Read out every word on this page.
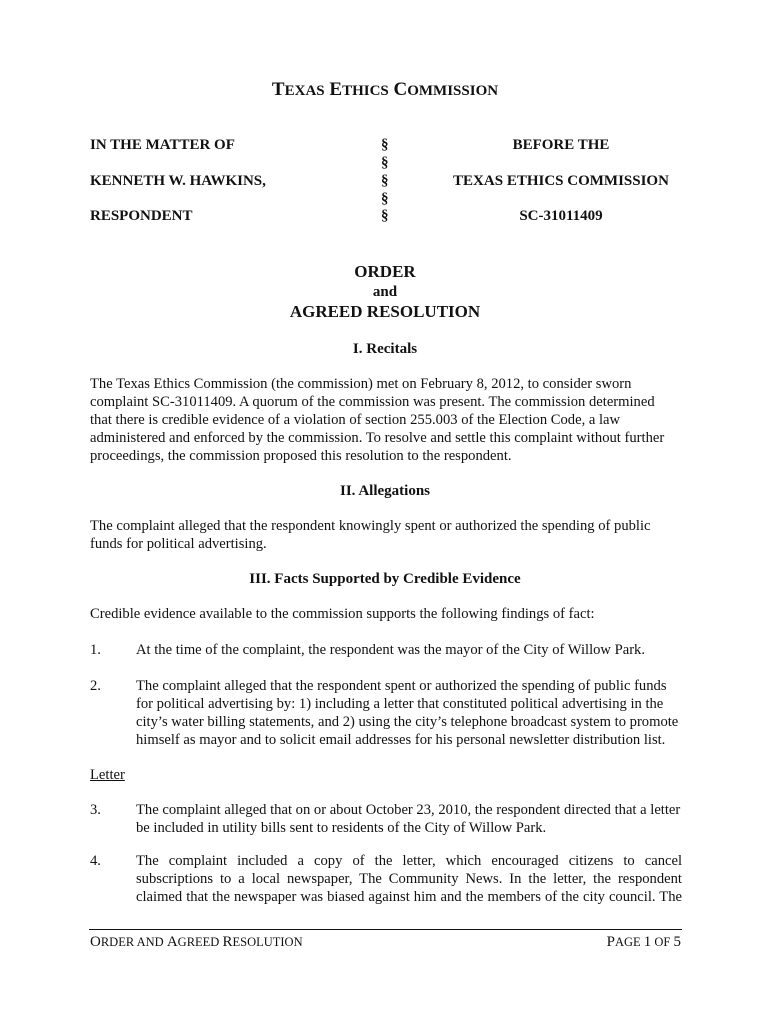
TEXAS ETHICS COMMISSION
IN THE MATTER OF
KENNETH W. HAWKINS,
RESPONDENT
§
§
§
§
§
BEFORE THE
TEXAS ETHICS COMMISSION
SC-31011409
ORDER
and
AGREED RESOLUTION
I. Recitals
The Texas Ethics Commission (the commission) met on February 8, 2012, to consider sworn
complaint SC-31011409. A quorum of the commission was present. The commission determined
that there is credible evidence of a violation of section 255.003 of the Election Code, a law
administered and enforced by the commission. To resolve and settle this complaint without further
proceedings, the commission proposed this resolution to the respondent.
II. Allegations
The complaint alleged that the respondent knowingly spent or authorized the spending of public
funds for political advertising.
III. Facts Supported by Credible Evidence
Credible evidence available to the commission supports the following findings of fact:
1. At the time of the complaint, the respondent was the mayor of the City of Willow Park.
2. The complaint alleged that the respondent spent or authorized the spending of public funds
for political advertising by: 1) including a letter that constituted political advertising in the
city’s water billing statements, and 2) using the city’s telephone broadcast system to promote
himself as mayor and to solicit email addresses for his personal newsletter distribution list.
Letter
3. The complaint alleged that on or about October 23, 2010, the respondent directed that a letter
be included in utility bills sent to residents of the City of Willow Park.
4. The complaint included a copy of the letter, which encouraged citizens to cancel
subscriptions to a local newspaper, The Community News. In the letter, the respondent
claimed that the newspaper was biased against him and the members of the city council. The
ORDER AND AGREED RESOLUTION	PAGE 1 OF 5
